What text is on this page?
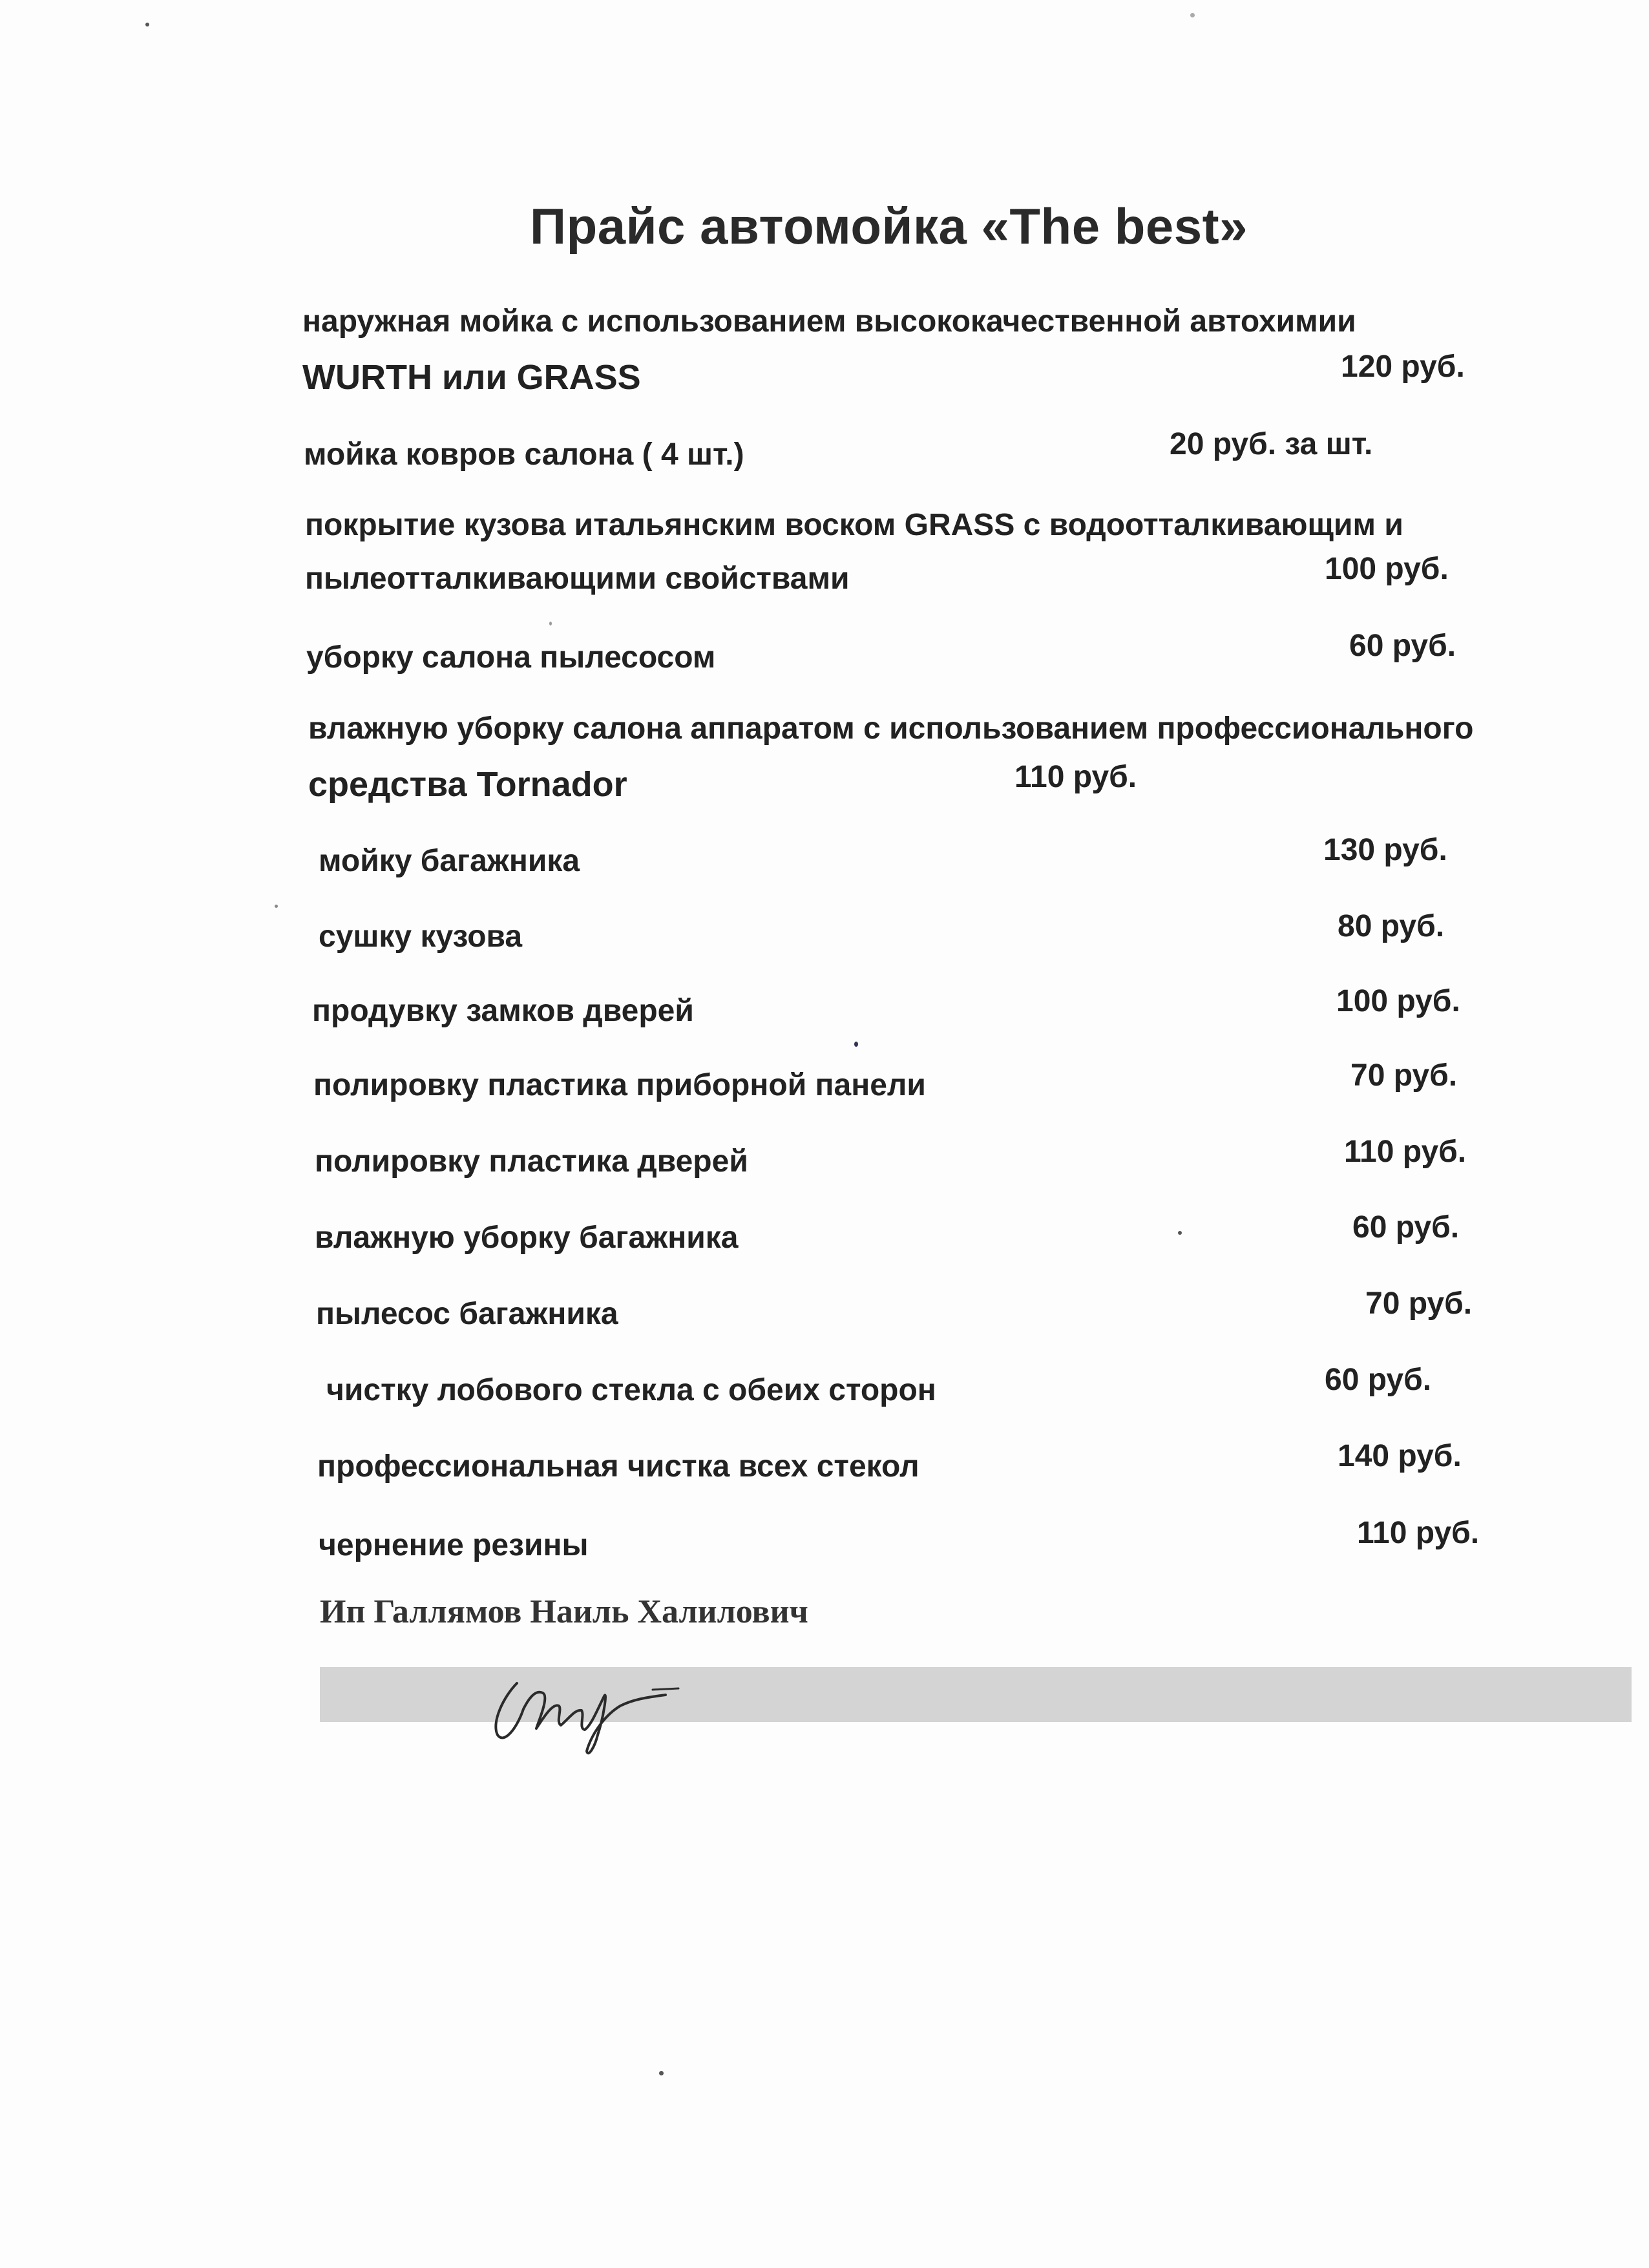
Прайс автомойка «The best»
наружная мойка с использованием высококачественной автохимии
WURTH или GRASS	120 руб.
мойка ковров салона ( 4 шт.)	20 руб. за шт.
покрытие кузова итальянским воском GRASS с водоотталкивающим и
пылеотталкивающими свойствами	100 руб.
уборку салона пылесосом	60 руб.
влажную уборку салона аппаратом с использованием профессионального
средства Tornador	110 руб.
мойку багажника	130 руб.
сушку кузова	80 руб.
продувку замков дверей	100 руб.
полировку пластика приборной панели	70 руб.
полировку пластика дверей	110 руб.
влажную уборку багажника	60 руб.
пылесос багажника	70 руб.
чистку лобового стекла с обеих сторон	60 руб.
профессиональная чистка всех стекол	140 руб.
чернение резины	110 руб.
Ип Галлямов Наиль Халилович
